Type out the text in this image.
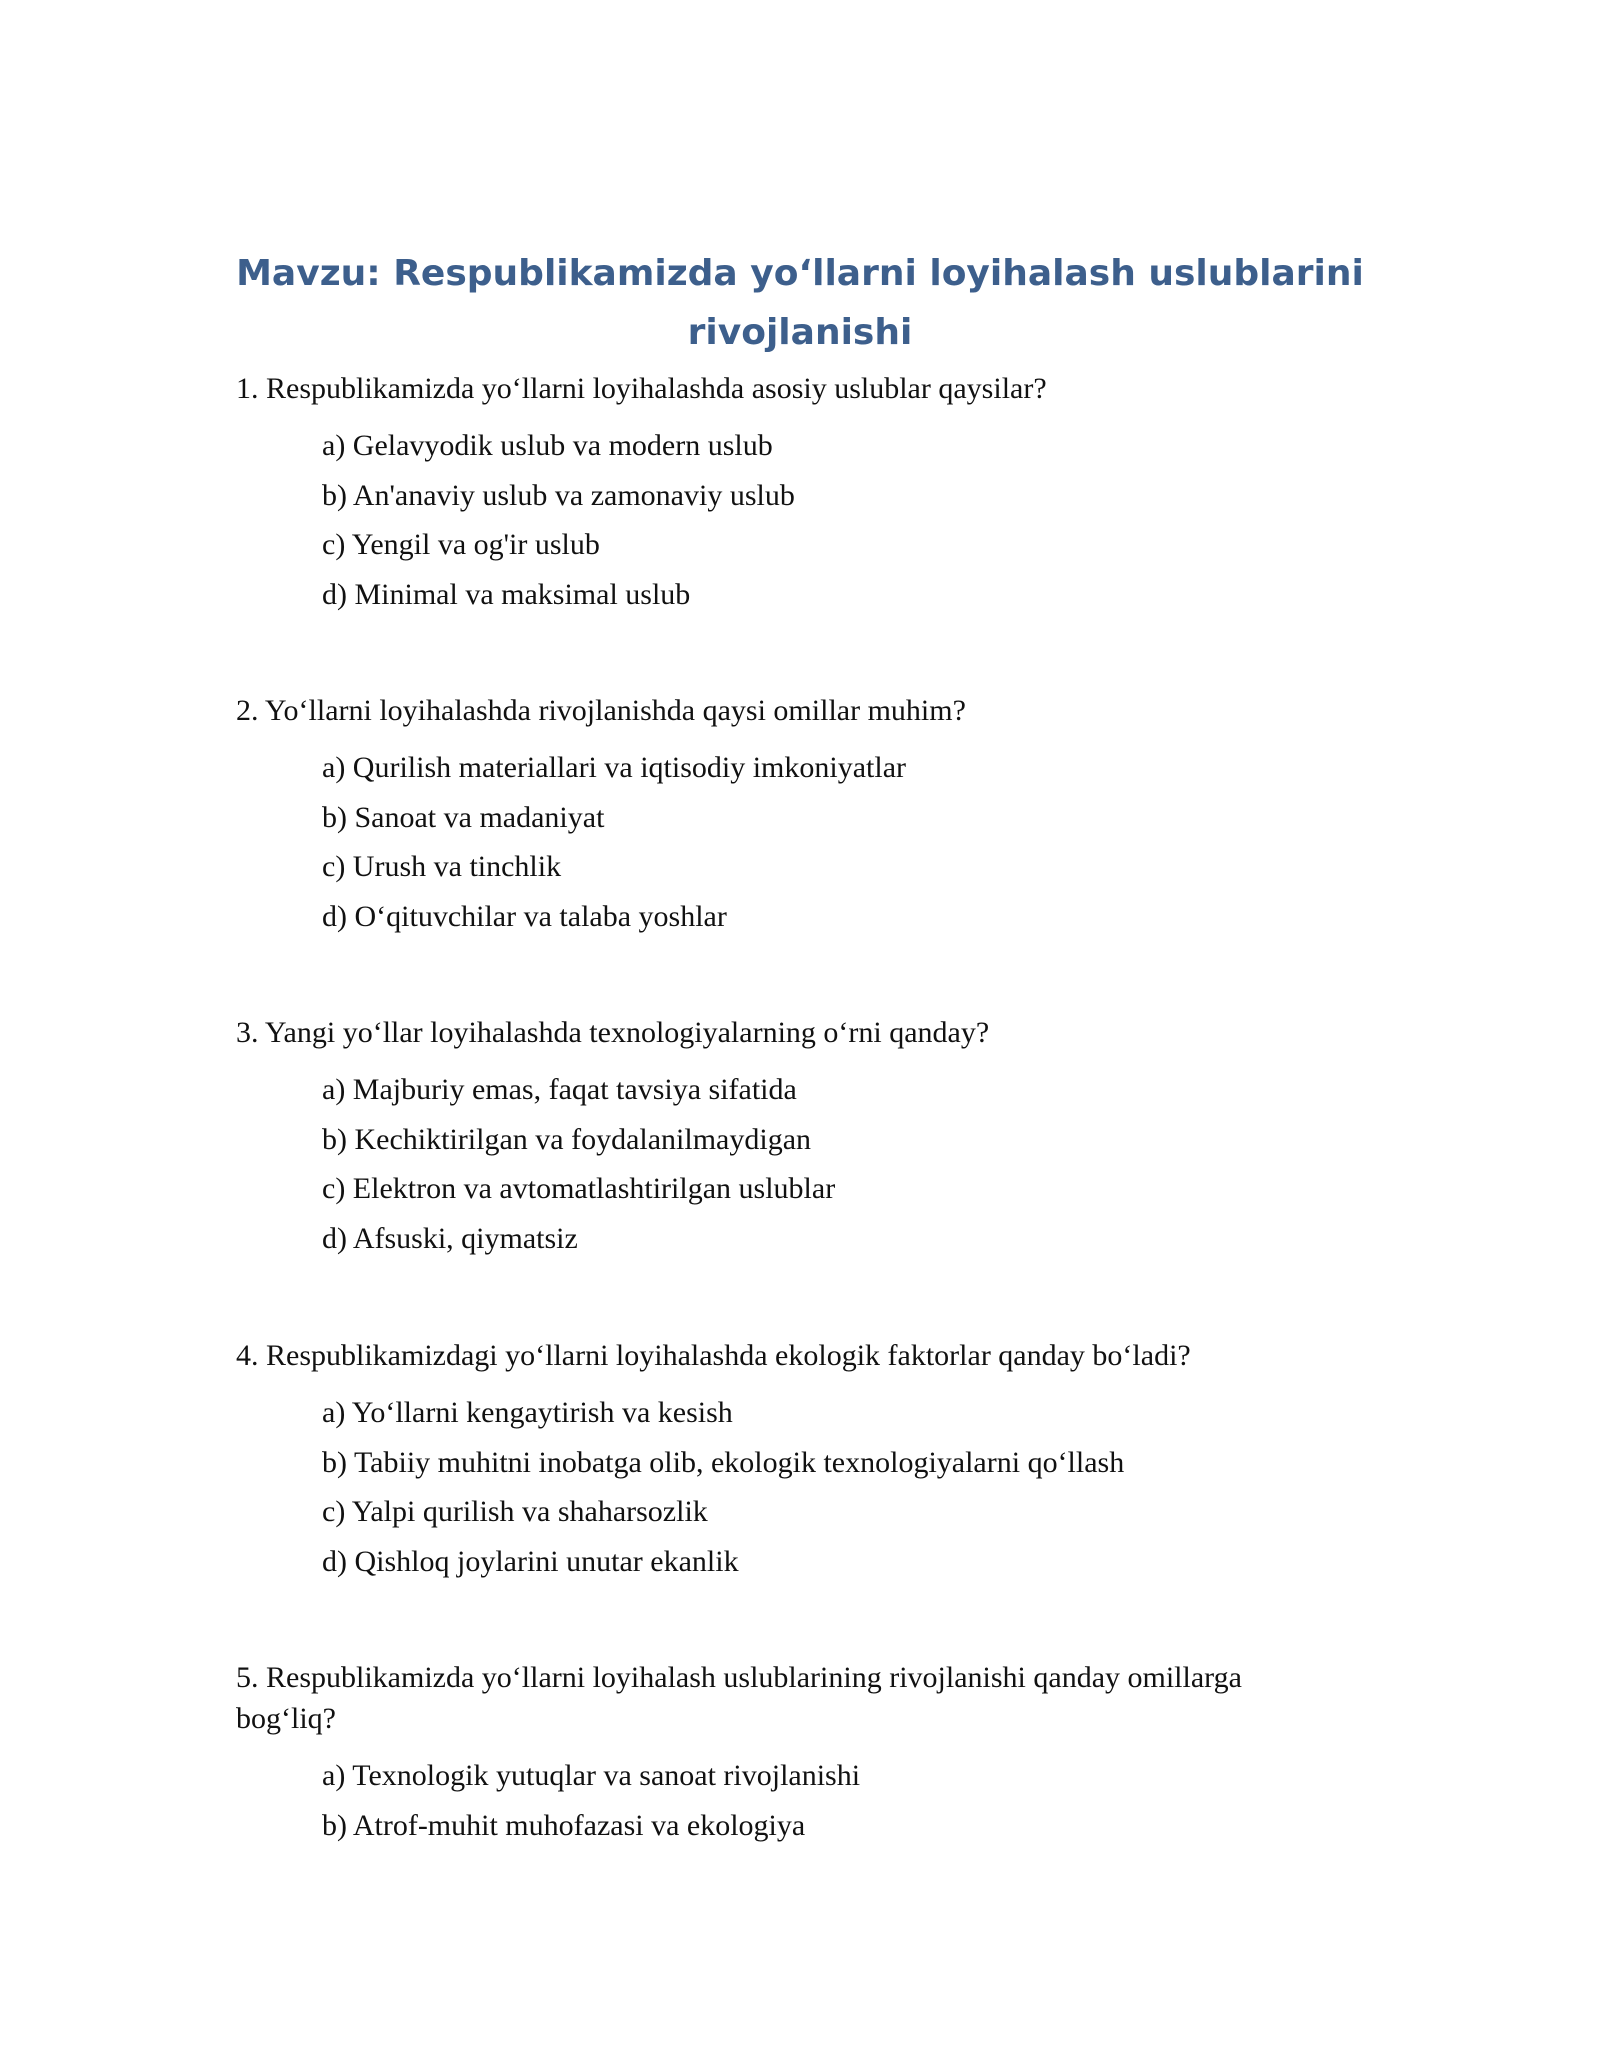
Mavzu: Respublikamizda yo‘llarni loyihalash uslublarini rivojlanishi

1. Respublikamizda yo‘llarni loyihalashda asosiy uslublar qaysilar?

a) Gelavyodik uslub va modern uslub
b) An'anaviy uslub va zamonaviy uslub
c) Yengil va og'ir uslub
d) Minimal va maksimal uslub

2. Yo‘llarni loyihalashda rivojlanishda qaysi omillar muhim?

a) Qurilish materiallari va iqtisodiy imkoniyatlar
b) Sanoat va madaniyat
c) Urush va tinchlik
d) O‘qituvchilar va talaba yoshlar

3. Yangi yo‘llar loyihalashda texnologiyalarning o‘rni qanday?

a) Majburiy emas, faqat tavsiya sifatida
b) Kechiktirilgan va foydalanilmaydigan
c) Elektron va avtomatlashtirilgan uslublar
d) Afsuski, qiymatsiz

4. Respublikamizdagi yo‘llarni loyihalashda ekologik faktorlar qanday bo‘ladi?

a) Yo‘llarni kengaytirish va kesish
b) Tabiiy muhitni inobatga olib, ekologik texnologiyalarni qo‘llash
c) Yalpi qurilish va shaharsozlik
d) Qishloq joylarini unutar ekanlik

5. Respublikamizda yo‘llarni loyihalash uslublarining rivojlanishi qanday omillarga bog‘liq?

a) Texnologik yutuqlar va sanoat rivojlanishi
b) Atrof-muhit muhofazasi va ekologiya
